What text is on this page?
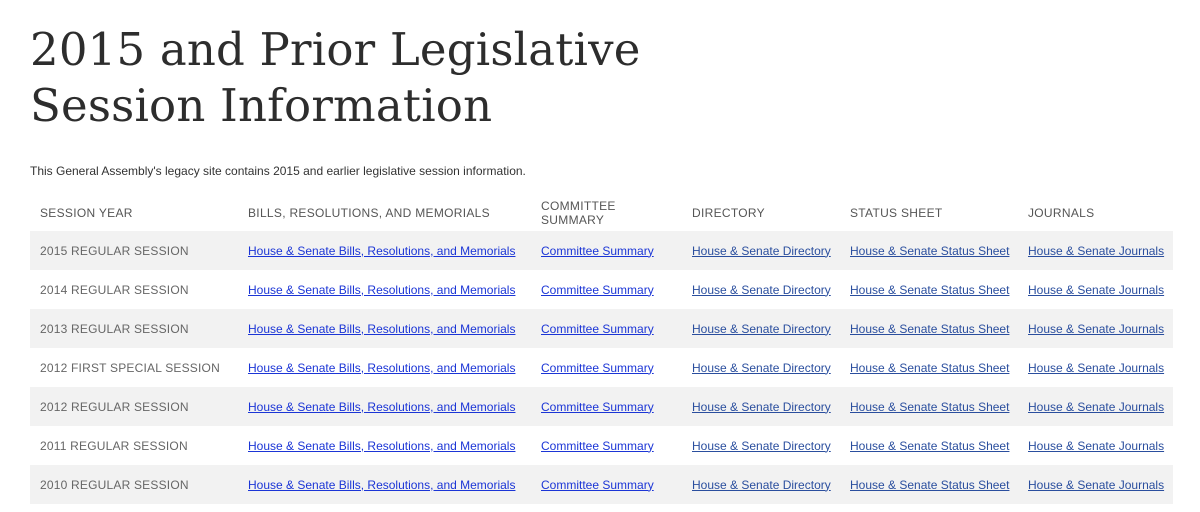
2015 and Prior Legislative
Session Information

This General Assembly's legacy site contains 2015 and earlier legislative session information.

SESSION YEAR	BILLS, RESOLUTIONS, AND MEMORIALS	COMMITTEE SUMMARY	DIRECTORY	STATUS SHEET	JOURNALS
2015 REGULAR SESSION	House & Senate Bills, Resolutions, and Memorials	Committee Summary	House & Senate Directory	House & Senate Status Sheet	House & Senate Journals
2014 REGULAR SESSION	House & Senate Bills, Resolutions, and Memorials	Committee Summary	House & Senate Directory	House & Senate Status Sheet	House & Senate Journals
2013 REGULAR SESSION	House & Senate Bills, Resolutions, and Memorials	Committee Summary	House & Senate Directory	House & Senate Status Sheet	House & Senate Journals
2012 FIRST SPECIAL SESSION	House & Senate Bills, Resolutions, and Memorials	Committee Summary	House & Senate Directory	House & Senate Status Sheet	House & Senate Journals
2012 REGULAR SESSION	House & Senate Bills, Resolutions, and Memorials	Committee Summary	House & Senate Directory	House & Senate Status Sheet	House & Senate Journals
2011 REGULAR SESSION	House & Senate Bills, Resolutions, and Memorials	Committee Summary	House & Senate Directory	House & Senate Status Sheet	House & Senate Journals
2010 REGULAR SESSION	House & Senate Bills, Resolutions, and Memorials	Committee Summary	House & Senate Directory	House & Senate Status Sheet	House & Senate Journals
